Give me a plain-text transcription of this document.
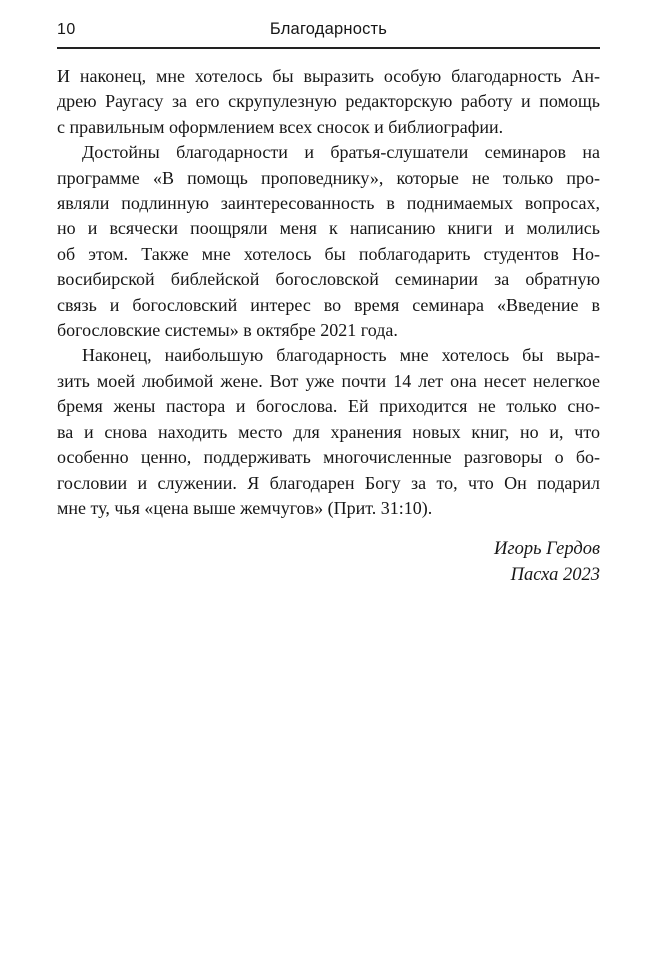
10	Благодарность
И наконец, мне хотелось бы выразить особую благодарность Ан-
дрею Раугасу за его скрупулезную редакторскую работу и помощь
с правильным оформлением всех сносок и библиографии.
Достойны благодарности и братья-слушатели семинаров на
программе «В помощь проповеднику», которые не только про-
являли подлинную заинтересованность в поднимаемых вопросах,
но и всячески поощряли меня к написанию книги и молились
об этом. Также мне хотелось бы поблагодарить студентов Но-
восибирской библейской богословской семинарии за обратную
связь и богословский интерес во время семинара «Введение в
богословские системы» в октябре 2021 года.
Наконец, наибольшую благодарность мне хотелось бы выра-
зить моей любимой жене. Вот уже почти 14 лет она несет нелегкое
бремя жены пастора и богослова. Ей приходится не только сно-
ва и снова находить место для хранения новых книг, но и, что
особенно ценно, поддерживать многочисленные разговоры о бо-
гословии и служении. Я благодарен Богу за то, что Он подарил
мне ту, чья «цена выше жемчугов» (Прит. 31:10).
Игорь Гердов
Пасха 2023
